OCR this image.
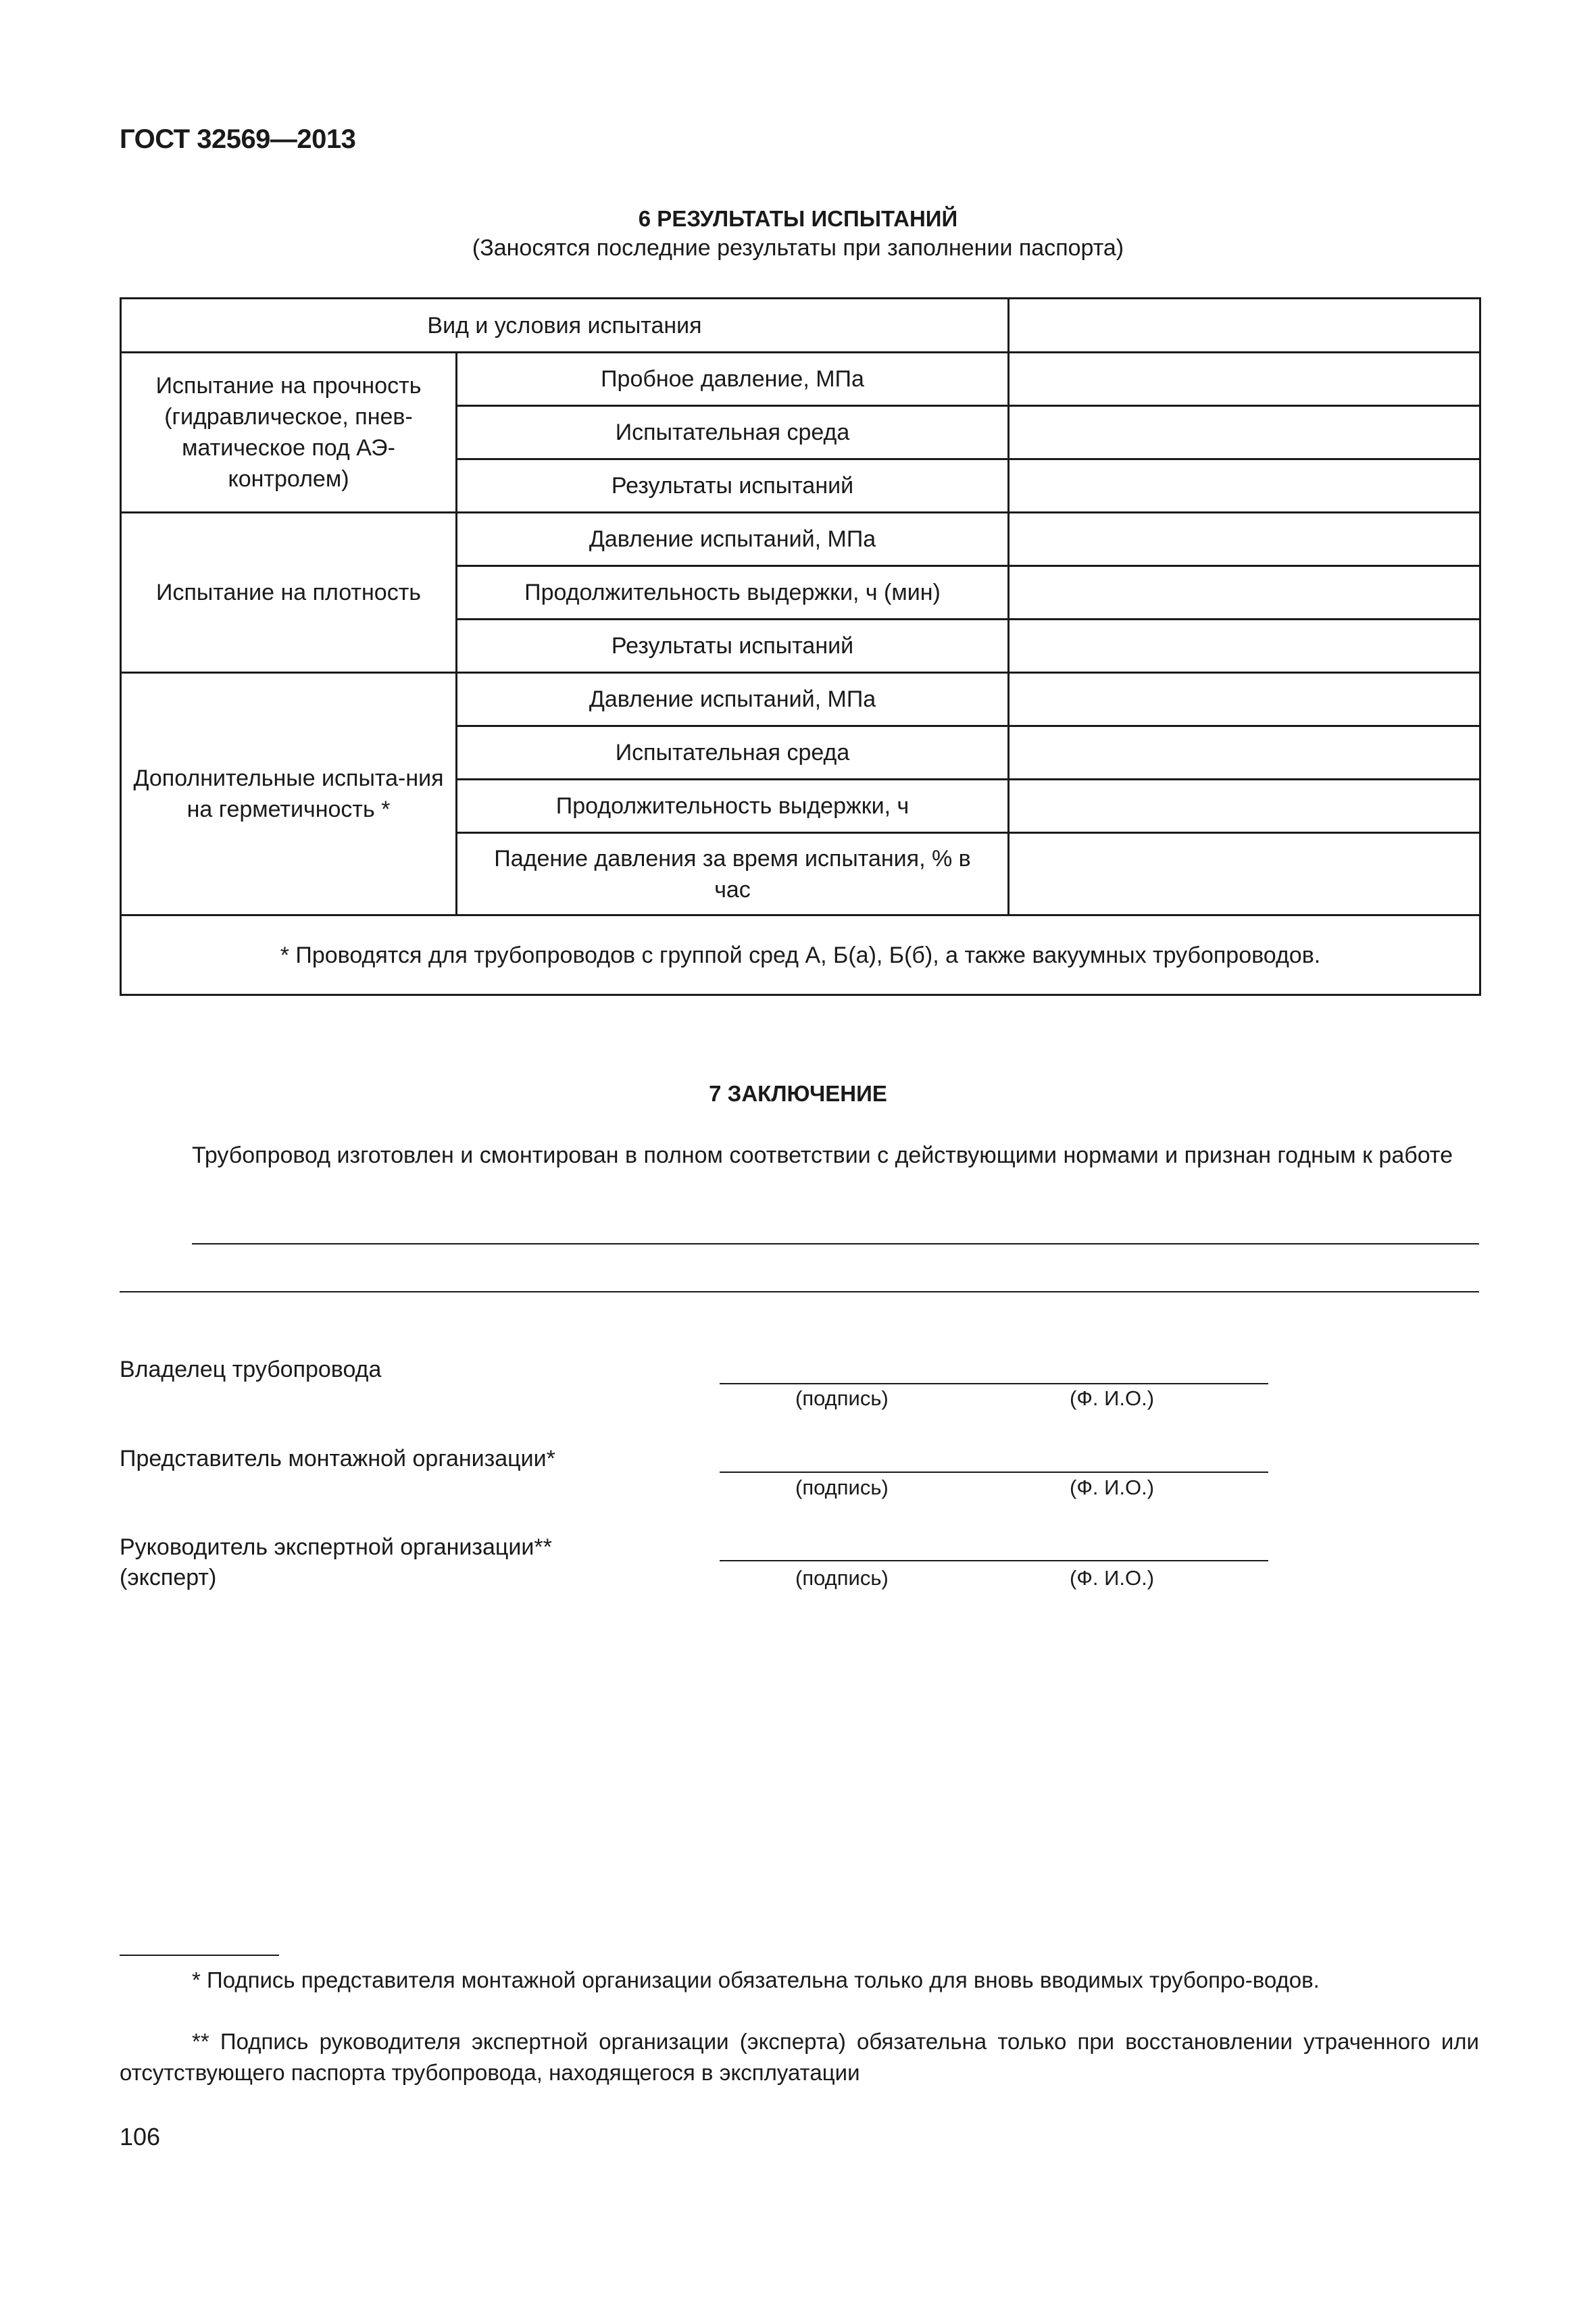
ГОСТ 32569—2013
6 РЕЗУЛЬТАТЫ ИСПЫТАНИЙ
(Заносятся последние результаты при заполнении паспорта)
Вид и условия испытания		
Испытание на прочность (гидравлическое, пнев-матическое под АЭ-контролем)	Пробное давление, МПа	
	Испытательная среда	
	Результаты испытаний	
Испытание на плотность	Давление испытаний, МПа	
	Продолжительность выдержки, ч (мин)	
	Результаты испытаний	
Дополнительные испыта-ния на герметичность *	Давление испытаний, МПа	
	Испытательная среда	
	Продолжительность выдержки, ч	
	Падение давления за время испытания, % в час	
* Проводятся для трубопроводов с группой сред А, Б(а), Б(б), а также вакуумных трубопроводов.		
7 ЗАКЛЮЧЕНИЕ
Трубопровод изготовлен и смонтирован в полном соответствии с действующими нормами и признан годным к работе
Владелец трубопровода
(подпись)	(Ф. И.О.)
Представитель монтажной организации*
(подпись)	(Ф. И.О.)
Руководитель экспертной организации** (эксперт)	(подпись)	(Ф. И.О.)
* Подпись представителя монтажной организации обязательна только для вновь вводимых трубопро-водов.
** Подпись руководителя экспертной организации (эксперта) обязательна только при восстановлении утраченного или отсутствующего паспорта трубопровода, находящегося в эксплуатации
106
